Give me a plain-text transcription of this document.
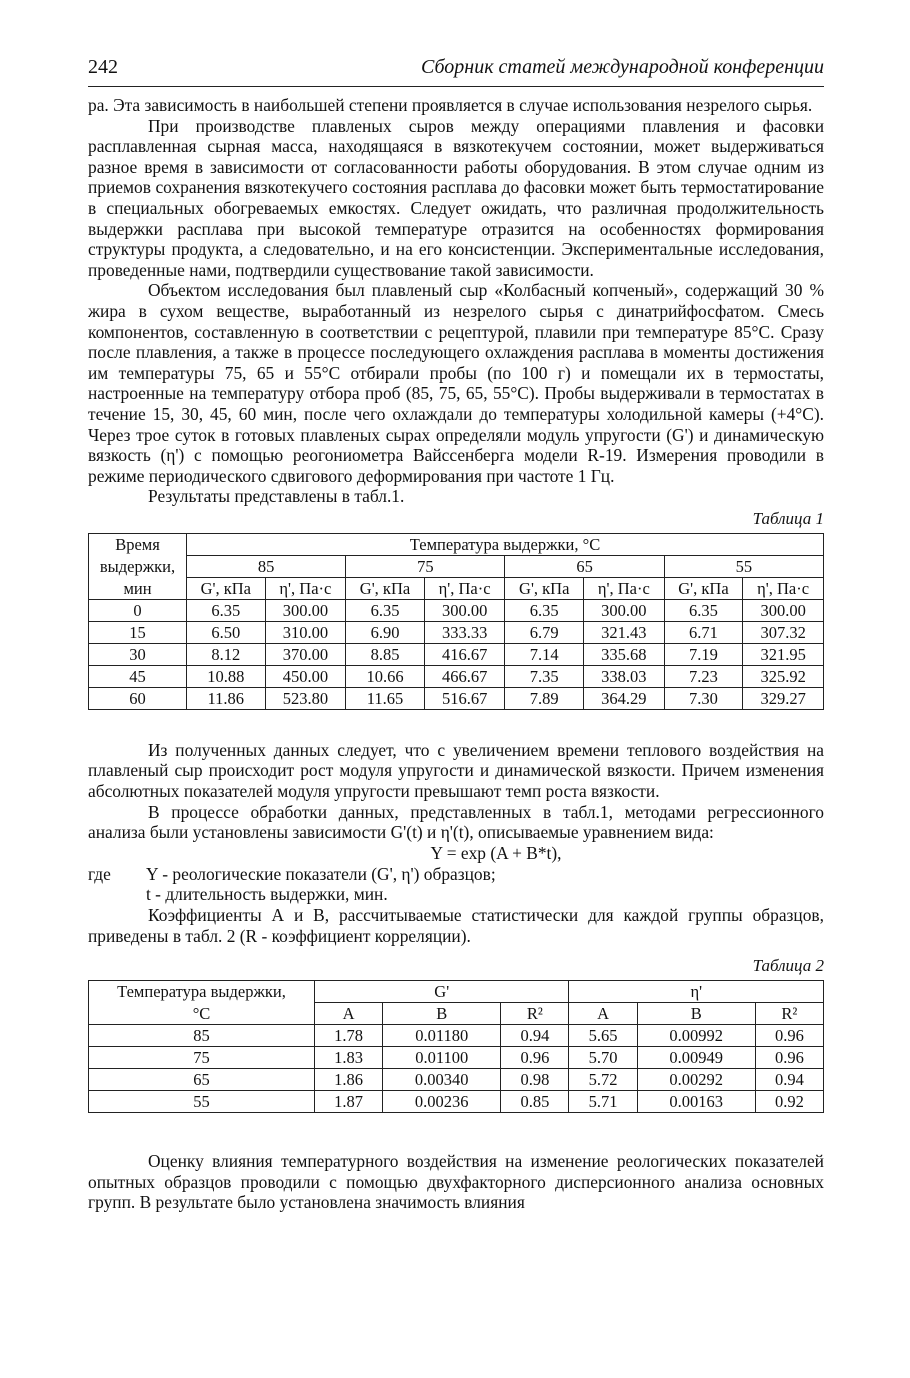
242	Сборник статей международной конференции

ра. Эта зависимость в наибольшей степени проявляется в случае использования незрелого сырья.

При производстве плавленых сыров между операциями плавления и фасовки расплавленная сырная масса, находящаяся в вязкотекучем состоянии, может выдерживаться разное время в зависимости от согласованности работы оборудования. В этом случае одним из приемов сохранения вязкотекучего состояния расплава до фасовки может быть термостатирование в специальных обогреваемых емкостях. Следует ожидать, что различная продолжительность выдержки расплава при высокой температуре отразится на особенностях формирования структуры продукта, а следовательно, и на его консистенции. Экспериментальные исследования, проведенные нами, подтвердили существование такой зависимости.

Объектом исследования был плавленый сыр «Колбасный копченый», содержащий 30 % жира в сухом веществе, выработанный из незрелого сырья с динатрийфосфатом. Смесь компонентов, составленную в соответствии с рецептурой, плавили при температуре 85°С. Сразу после плавления, а также в процессе последующего охлаждения расплава в моменты достижения им температуры 75, 65 и 55°С отбирали пробы (по 100 г) и помещали их в термостаты, настроенные на температуру отбора проб (85, 75, 65, 55°С). Пробы выдерживали в термостатах в течение 15, 30, 45, 60 мин, после чего охлаждали до температуры холодильной камеры (+4°С). Через трое суток в готовых плавленых сырах определяли модуль упругости (G') и динамическую вязкость (η') с помощью реогониометра Вайссенберга модели R-19. Измерения проводили в режиме периодического сдвигового деформирования при частоте 1 Гц.

Результаты представлены в табл.1.

Таблица 1
Время	Температура выдержки, °С							
выдержки,	85		75		65		55	
мин	G', кПа	η', Па·с	G', кПа	η', Па·с	G', кПа	η', Па·с	G', кПа	η', Па·с
0	6.35	300.00	6.35	300.00	6.35	300.00	6.35	300.00
15	6.50	310.00	6.90	333.33	6.79	321.43	6.71	307.32
30	8.12	370.00	8.85	416.67	7.14	335.68	7.19	321.95
45	10.88	450.00	10.66	466.67	7.35	338.03	7.23	325.92
60	11.86	523.80	11.65	516.67	7.89	364.29	7.30	329.27

Из полученных данных следует, что с увеличением времени теплового воздействия на плавленый сыр происходит рост модуля упругости и динамической вязкости. Причем изменения абсолютных показателей модуля упругости превышают темп роста вязкости.

В процессе обработки данных, представленных в табл.1, методами регрессионного анализа были установлены зависимости G'(t) и η'(t), описываемые уравнением вида:

Y = exp (A + B*t),

где Y - реологические показатели (G', η') образцов;

t - длительность выдержки, мин.

Коэффициенты А и В, рассчитываемые статистически для каждой группы образцов, приведены в табл. 2 (R - коэффициент корреляции).

Таблица 2
Температура выдержки,	G'			η'		
°С	A	B	R²	A	B	R²
85	1.78	0.01180	0.94	5.65	0.00992	0.96
75	1.83	0.01100	0.96	5.70	0.00949	0.96
65	1.86	0.00340	0.98	5.72	0.00292	0.94
55	1.87	0.00236	0.85	5.71	0.00163	0.92

Оценку влияния температурного воздействия на изменение реологических показателей опытных образцов проводили с помощью двухфакторного дисперсионного анализа основных групп. В результате было установлена значимость влияния
